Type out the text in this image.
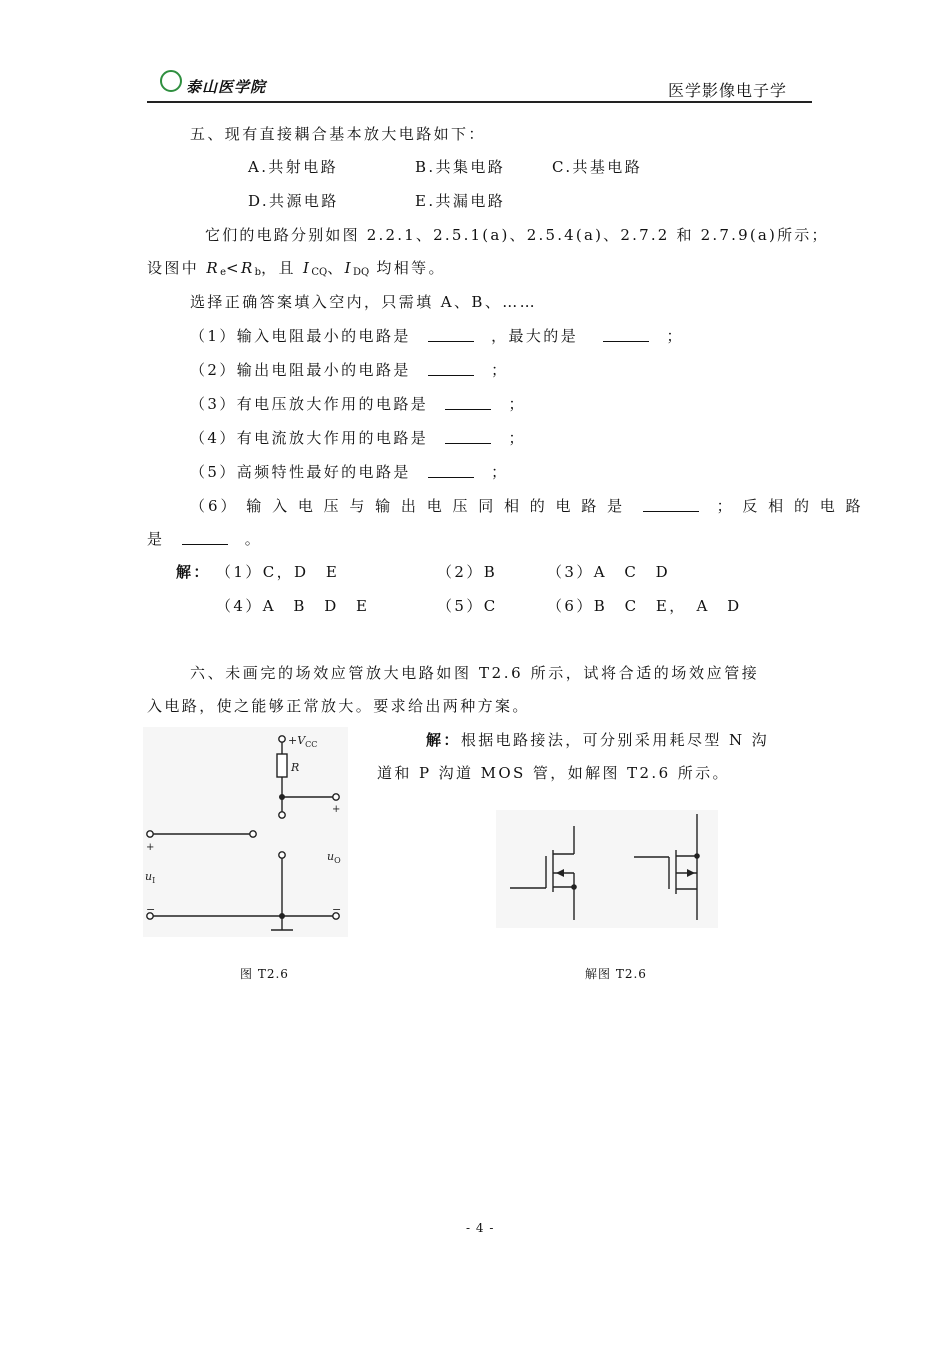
泰山医学院	医学影像电子学
五、现有直接耦合基本放大电路如下：
A.共射电路	B.共集电路	C.共基电路
D.共源电路	E.共漏电路
它们的电路分别如图 2.2.1、2.5.1(a)、2.5.4(a)、2.7.2 和 2.7.9(a)所示；
设图中 $R_e<R_b$，且 $I_{CQ}$、$I_{DQ}$ 均相等。
选择正确答案填入空内，只需填 A、B、……
（1）输入电阻最小的电路是	，最大的是	；
（2）输出电阻最小的电路是	；
（3）有电压放大作用的电路是	；
（4）有电流放大作用的电路是	；
（5）高频特性最好的电路是	；
（6） 输 入 电 压 与 输 出 电 压 同 相 的 电 路 是	； 反 相 的 电 路
是	。
解： （1）C，D　E	（2）B	（3）A　C　D
（4）A　B　D　E	（5）C	（6）B　C　E，　A　D
六、未画完的场效应管放大电路如图 T2.6 所示，试将合适的场效应管接
入电路，使之能够正常放大。要求给出两种方案。
解：根据电路接法，可分别采用耗尽型 N 沟
道和 P 沟道 MOS 管，如解图 T2.6 所示。
$+V_{CC}$
R
+
+
$u_I$
$u_O$
−	−
图 T2.6	解图 T2.6
- 4 -
